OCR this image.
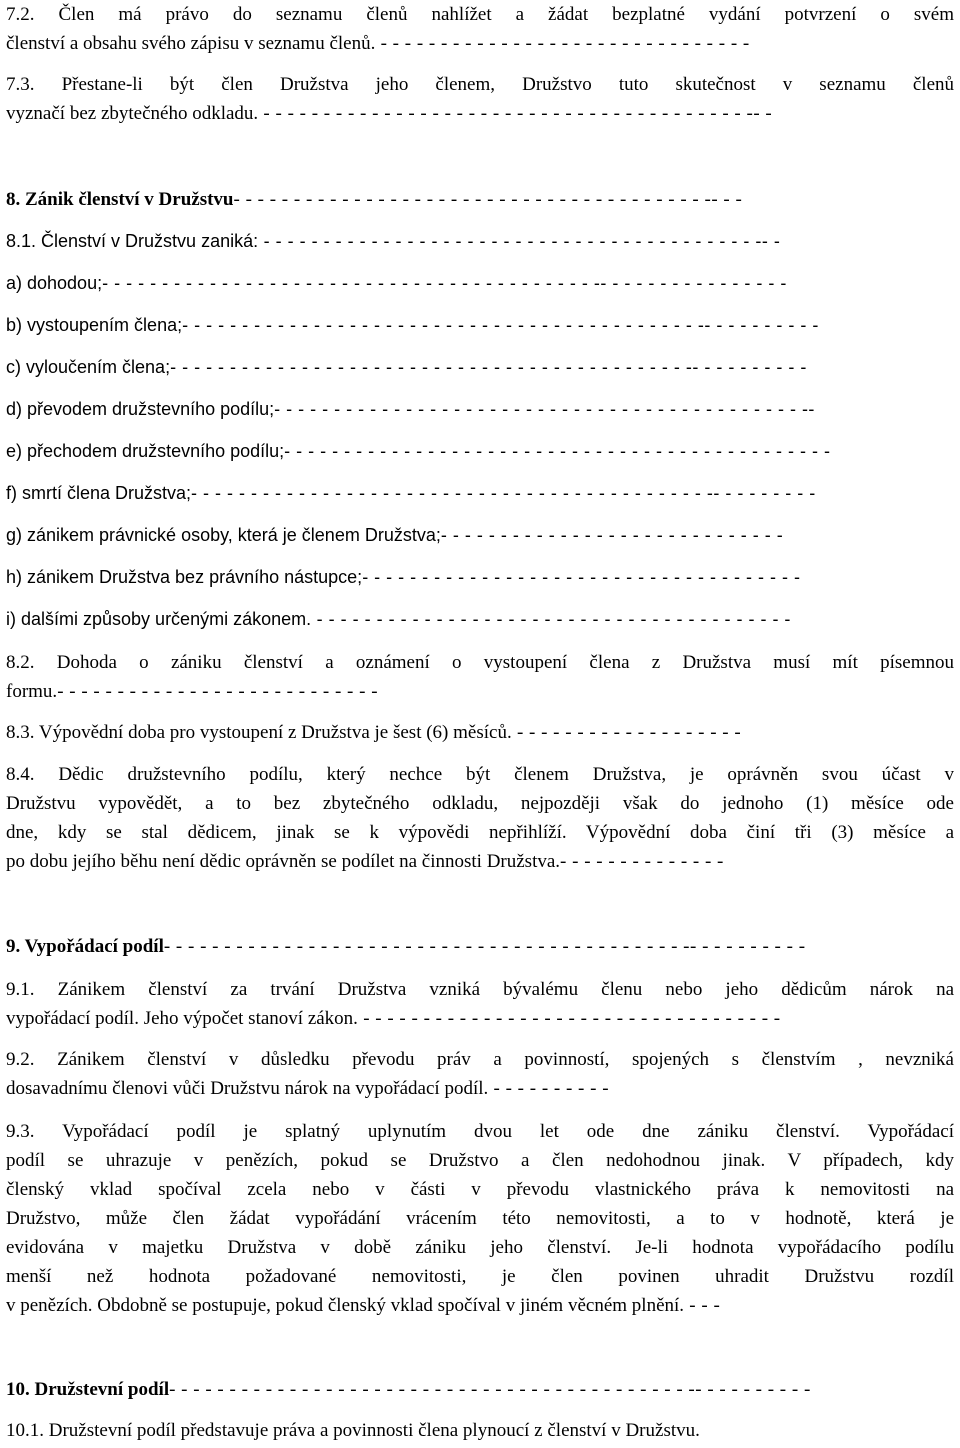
7.2. Člen má právo do seznamu členů nahlížet a žádat bezplatné vydání potvrzení o svém
členství a obsahu svého zápisu v seznamu členů. - - - - - - - - - - - - - - - - - - - - - - - - - - - - - - -
7.3. Přestane-li být člen Družstva jeho členem, Družstvo tuto skutečnost v seznamu členů
vyznačí bez zbytečného odkladu. - - - - - - - - - - - - - - - - - - - - - - - - - - - - - - - - - - - - - - - - -- -
8. Zánik členství v Družstvu- - - - - - - - - - - - - - - - - - - - - - - - - - - - - - - - - - - - - - - -- - -
8.1. Členství v Družstvu zaniká: - - - - - - - - - - - - - - - - - - - - - - - - - - - - - - - - - - - - - - - - - -- -
a) dohodou;- - - - - - - - - - - - - - - - - - - - - - - - - - - - - - - - - - - - - - - - - -- - - - - - - - - - - - - - - -
b) vystoupením člena;- - - - - - - - - - - - - - - - - - - - - - - - - - - - - - - - - - - - - - - - - - - -- - - - - - - - - -
c) vyloučením člena;- - - - - - - - - - - - - - - - - - - - - - - - - - - - - - - - - - - - - - - - - - - -- - - - - - - - - -
d) převodem družstevního podílu;- - - - - - - - - - - - - - - - - - - - - - - - - - - - - - - - - - - - - - - - - - - - --
e) přechodem družstevního podílu;- - - - - - - - - - - - - - - - - - - - - - - - - - - - - - - - - - - - - - - - - - - - - -
f) smrtí člena Družstva;- - - - - - - - - - - - - - - - - - - - - - - - - - - - - - - - - - - - - - - - - - - -- - - - - - - - -
g) zánikem právnické osoby, která je členem Družstva;- - - - - - - - - - - - - - - - - - - - - - - - - - - - -
h) zánikem Družstva bez právního nástupce;- - - - - - - - - - - - - - - - - - - - - - - - - - - - - - - - - - - - -
i) dalšími způsoby určenými zákonem. - - - - - - - - - - - - - - - - - - - - - - - - - - - - - - - - - - - - - - - -
8.2. Dohoda o zániku členství a oznámení o vystoupení člena z Družstva musí mít písemnou
formu.- - - - - - - - - - - - - - - - - - - - - - - - - - -
8.3. Výpovědní doba pro vystoupení z Družstva je šest (6) měsíců. - - - - - - - - - - - - - - - - - - -
8.4. Dědic družstevního podílu, který nechce být členem Družstva, je oprávněn svou účast v
Družstvu vypovědět, a to bez zbytečného odkladu, nejpozději však do jednoho (1) měsíce ode
dne, kdy se stal dědicem, jinak se k výpovědi nepřihlíží. Výpovědní doba činí tři (3) měsíce a
po dobu jejího běhu není dědic oprávněn se podílet na činnosti Družstva.- - - - - - - - - - - - - -
9. Vypořádací podíl- - - - - - - - - - - - - - - - - - - - - - - - - - - - - - - - - - - - - - - - - - - -- - - - - - - - - -
9.1. Zánikem členství za trvání Družstva vzniká bývalému členu nebo jeho dědicům nárok na
vypořádací podíl. Jeho výpočet stanoví zákon. - - - - - - - - - - - - - - - - - - - - - - - - - - - - - - - - - - -
9.2. Zánikem členství v důsledku převodu práv a povinností, spojených s členstvím , nevzniká
dosavadnímu členovi vůči Družstvu nárok na vypořádací podíl. - - - - - - - - - -
9.3. Vypořádací podíl je splatný uplynutím dvou let ode dne zániku členství. Vypořádací
podíl se uhrazuje v penězích, pokud se Družstvo a člen nedohodnou jinak. V případech, kdy
členský vklad spočíval zcela nebo v části v převodu vlastnického práva k nemovitosti na
Družstvo, může člen žádat vypořádání vrácením této nemovitosti, a to v hodnotě, která je
evidována v majetku Družstva v době zániku jeho členství. Je-li hodnota vypořádacího podílu
menší než hodnota požadované nemovitosti, je člen povinen uhradit Družstvu rozdíl
v penězích. Obdobně se postupuje, pokud členský vklad spočíval v jiném věcném plnění. - - -
10. Družstevní podíl- - - - - - - - - - - - - - - - - - - - - - - - - - - - - - - - - - - - - - - - - - - -- - - - - - - - - -
10.1. Družstevní podíl představuje práva a povinnosti člena plynoucí z členství v Družstvu.
